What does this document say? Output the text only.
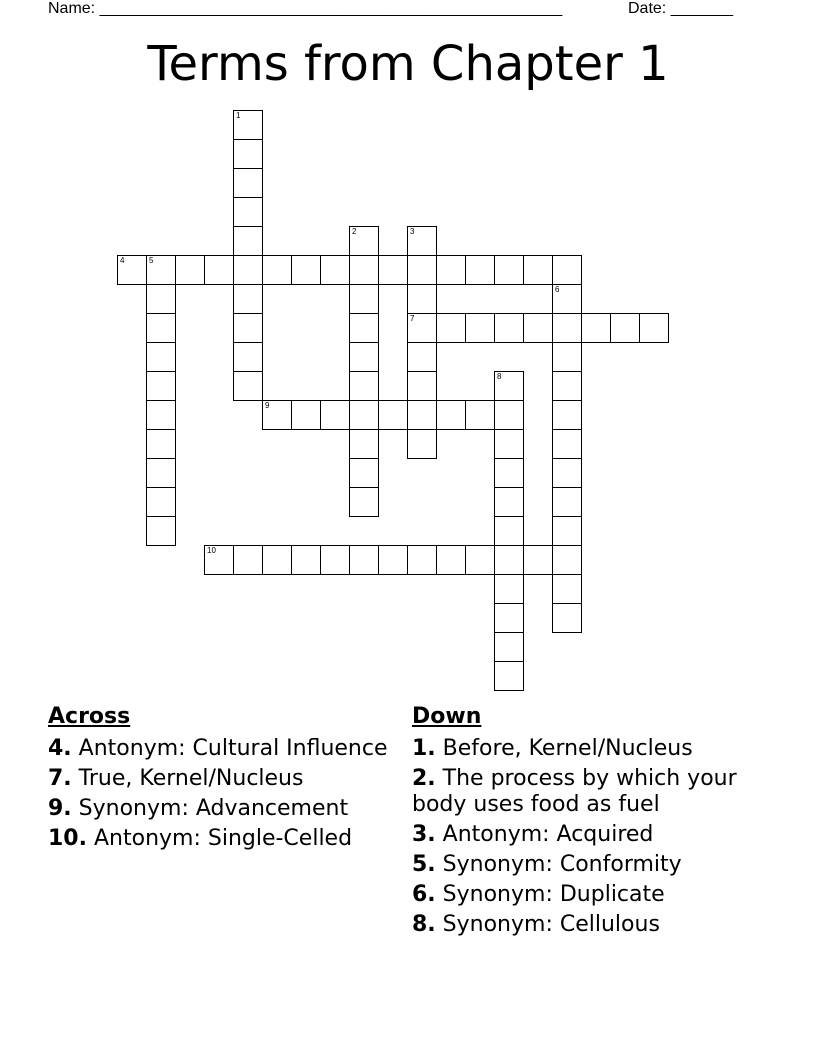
Name: ____________________________________________________	Date: _______
Terms from Chapter 1
1
2	3
7
4	5
6
8
9
10
Across
4. Antonym: Cultural Influence
7. True, Kernel/Nucleus
9. Synonym: Advancement
10. Antonym: Single-Celled
Down
1. Before, Kernel/Nucleus
2. The process by which your body uses food as fuel
3. Antonym: Acquired
5. Synonym: Conformity
6. Synonym: Duplicate
8. Synonym: Cellulous
